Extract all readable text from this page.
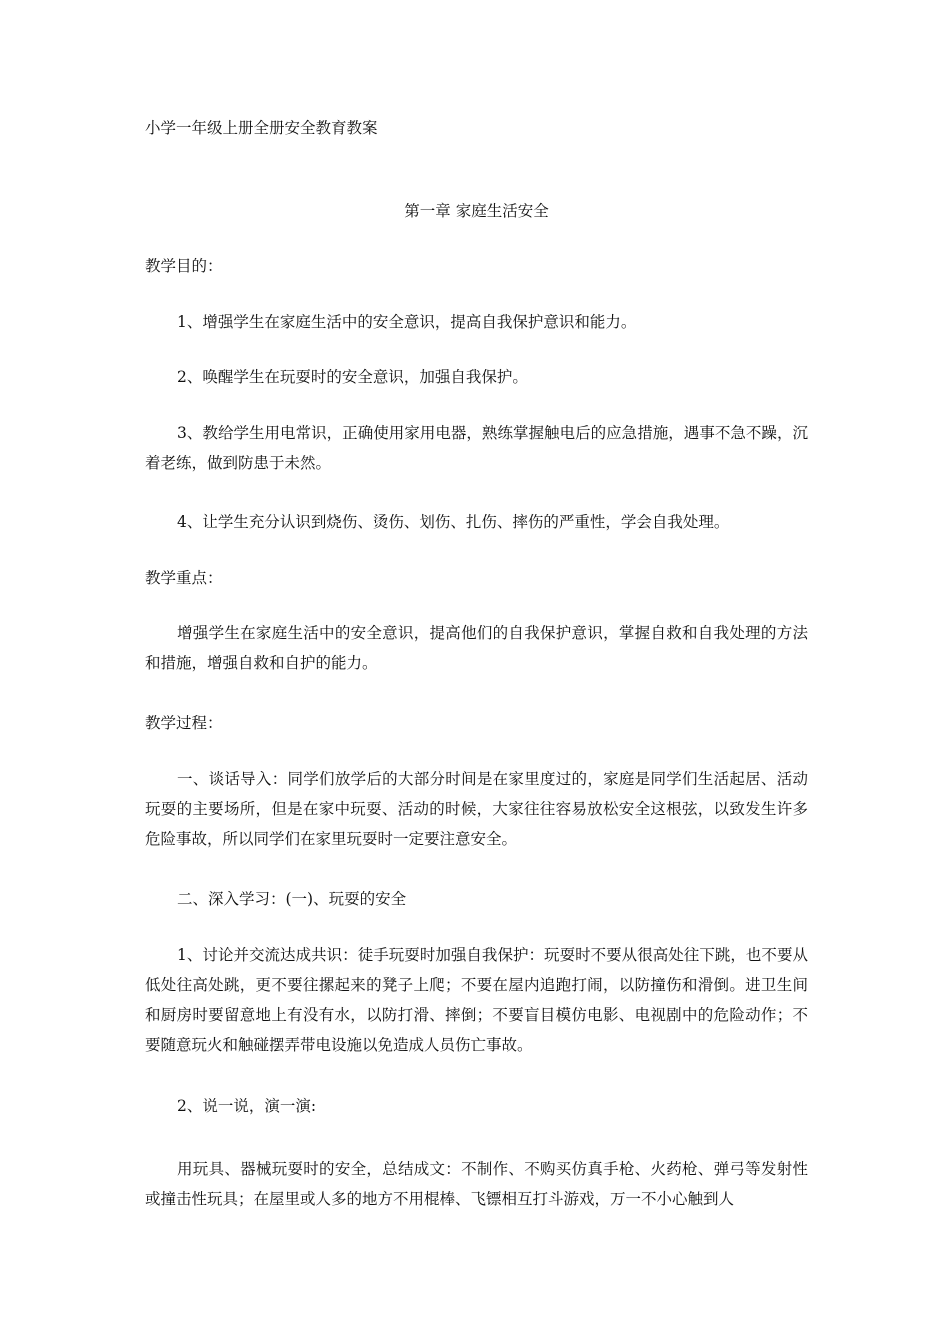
小学一年级上册全册安全教育教案
第一章 家庭生活安全
教学目的：
1、增强学生在家庭生活中的安全意识，提高自我保护意识和能力。
2、唤醒学生在玩耍时的安全意识，加强自我保护。
3、教给学生用电常识，正确使用家用电器，熟练掌握触电后的应急措施，遇事不急不躁，沉着老练，做到防患于未然。
4、让学生充分认识到烧伤、烫伤、划伤、扎伤、摔伤的严重性，学会自我处理。
教学重点：
增强学生在家庭生活中的安全意识，提高他们的自我保护意识，掌握自救和自我处理的方法和措施，增强自救和自护的能力。
教学过程：
一、谈话导入：同学们放学后的大部分时间是在家里度过的，家庭是同学们生活起居、活动玩耍的主要场所，但是在家中玩耍、活动的时候，大家往往容易放松安全这根弦，以致发生许多危险事故，所以同学们在家里玩耍时一定要注意安全。
二、深入学习：(一)、玩耍的安全
1、讨论并交流达成共识：徒手玩耍时加强自我保护：玩耍时不要从很高处往下跳，也不要从低处往高处跳，更不要往摞起来的凳子上爬；不要在屋内追跑打闹，以防撞伤和滑倒。进卫生间和厨房时要留意地上有没有水，以防打滑、摔倒；不要盲目模仿电影、电视剧中的危险动作；不要随意玩火和触碰摆弄带电设施以免造成人员伤亡事故。
2、说一说，演一演:
用玩具、器械玩耍时的安全，总结成文：不制作、不购买仿真手枪、火药枪、弹弓等发射性或撞击性玩具；在屋里或人多的地方不用棍棒、飞镖相互打斗游戏，万一不小心触到人
